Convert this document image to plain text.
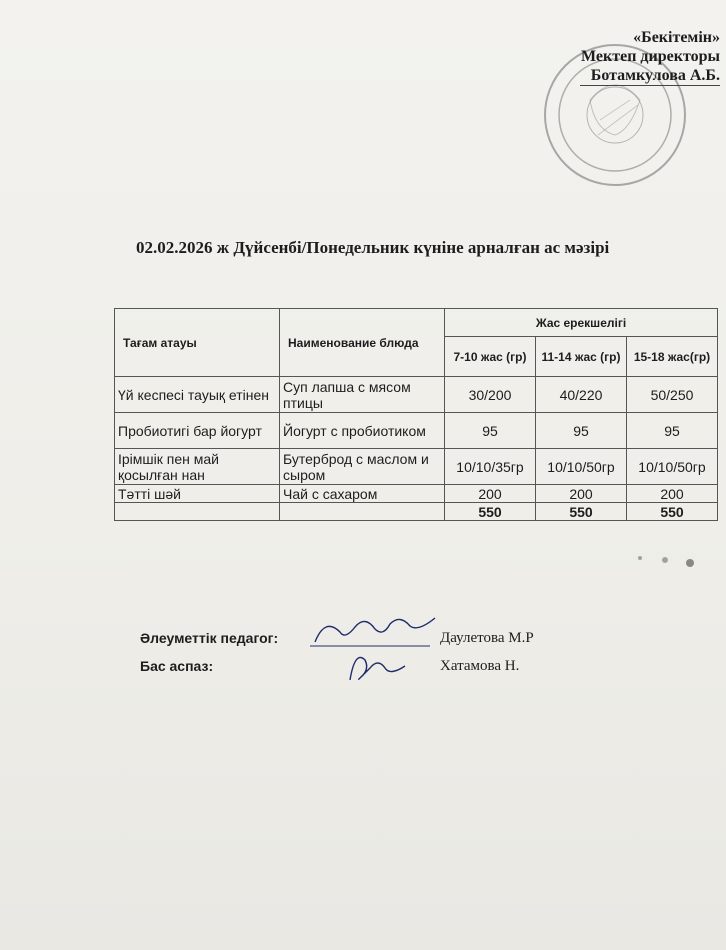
«Бекітемін»
Мектеп директоры
Ботамкулова А.Б.
02.02.2026 ж Дүйсенбі/Понедельник күніне арналған ас мәзірі
Тағам атауы	Наименование блюда	Жас ерекшелігі		
		7-10 жас (гр)	11-14 жас (гр)	15-18 жас(гр)
Үй кеспесі тауық етінен	Суп лапша с мясом птицы	30/200	40/220	50/250
Пробиотигі бар йогурт	Йогурт с пробиотиком	95	95	95
Ірімшік пен май қосылған нан	Бутерброд с маслом и сыром	10/10/35гр	10/10/50гр	10/10/50гр
Тәтті шәй	Чай с сахаром	200	200	200
		550	550	550
Әлеуметтік педагог:	Даулетова М.Р
Бас аспаз:	Хатамова Н.
